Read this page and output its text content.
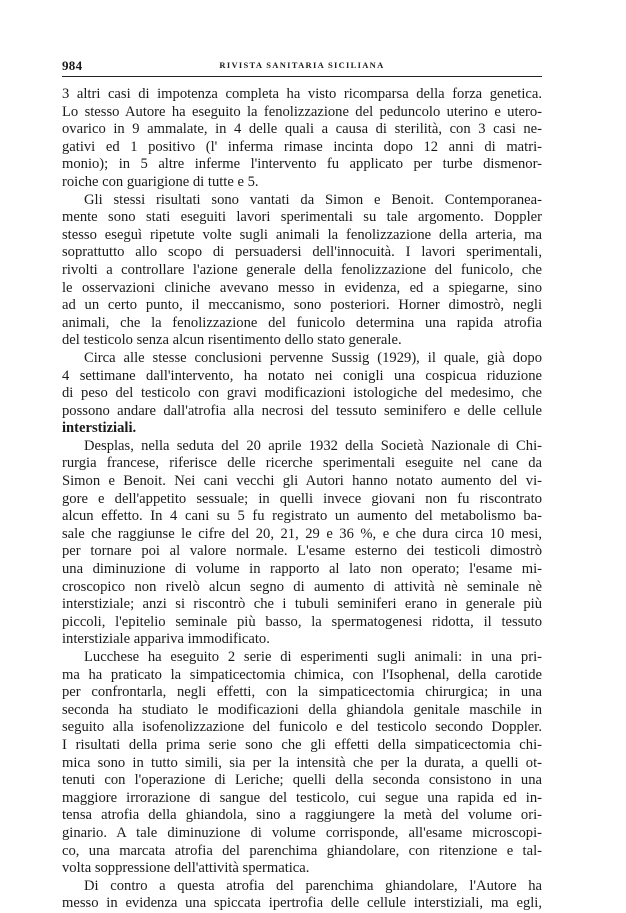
984	RIVISTA SANITARIA SICILIANA
3 altri casi di impotenza completa ha visto ricomparsa della forza genetica.
Lo stesso Autore ha eseguito la fenolizzazione del peduncolo uterino e utero-
ovarico in 9 ammalate, in 4 delle quali a causa di sterilità, con 3 casi ne-
gativi ed 1 positivo (l' inferma rimase incinta dopo 12 anni di matri-
monio); in 5 altre inferme l'intervento fu applicato per turbe dismenor-
roiche con guarigione di tutte e 5.
Gli stessi risultati sono vantati da Simon e Benoit. Contemporanea-
mente sono stati eseguiti lavori sperimentali su tale argomento. Doppler
stesso eseguì ripetute volte sugli animali la fenolizzazione della arteria, ma
soprattutto allo scopo di persuadersi dell'innocuità. I lavori sperimentali,
rivolti a controllare l'azione generale della fenolizzazione del funicolo, che
le osservazioni cliniche avevano messo in evidenza, ed a spiegarne, sino
ad un certo punto, il meccanismo, sono posteriori. Horner dimostrò, negli
animali, che la fenolizzazione del funicolo determina una rapida atrofia
del testicolo senza alcun risentimento dello stato generale.
Circa alle stesse conclusioni pervenne Sussig (1929), il quale, già dopo
4 settimane dall'intervento, ha notato nei conigli una cospicua riduzione
di peso del testicolo con gravi modificazioni istologiche del medesimo, che
possono andare dall'atrofia alla necrosi del tessuto seminifero e delle cellule
interstiziali.
Desplas, nella seduta del 20 aprile 1932 della Società Nazionale di Chi-
rurgia francese, riferisce delle ricerche sperimentali eseguite nel cane da
Simon e Benoit. Nei cani vecchi gli Autori hanno notato aumento del vi-
gore e dell'appetito sessuale; in quelli invece giovani non fu riscontrato
alcun effetto. In 4 cani su 5 fu registrato un aumento del metabolismo ba-
sale che raggiunse le cifre del 20, 21, 29 e 36 %, e che dura circa 10 mesi,
per tornare poi al valore normale. L'esame esterno dei testicoli dimostrò
una diminuzione di volume in rapporto al lato non operato; l'esame mi-
croscopico non rivelò alcun segno di aumento di attività nè seminale nè
interstiziale; anzi si riscontrò che i tubuli seminiferi erano in generale più
piccoli, l'epitelio seminale più basso, la spermatogenesi ridotta, il tessuto
interstiziale appariva immodificato.
Lucchese ha eseguito 2 serie di esperimenti sugli animali: in una pri-
ma ha praticato la simpaticectomia chimica, con l'Isophenal, della carotide
per confrontarla, negli effetti, con la simpaticectomia chirurgica; in una
seconda ha studiato le modificazioni della ghiandola genitale maschile in
seguito alla isofenolizzazione del funicolo e del testicolo secondo Doppler.
I risultati della prima serie sono che gli effetti della simpaticectomia chi-
mica sono in tutto simili, sia per la intensità che per la durata, a quelli ot-
tenuti con l'operazione di Leriche; quelli della seconda consistono in una
maggiore irrorazione di sangue del testicolo, cui segue una rapida ed in-
tensa atrofia della ghiandola, sino a raggiungere la metà del volume ori-
ginario. A tale diminuzione di volume corrisponde, all'esame microscopi-
co, una marcata atrofia del parenchima ghiandolare, con ritenzione e tal-
volta soppressione dell'attività spermatica.
Di contro a questa atrofia del parenchima ghiandolare, l'Autore ha
messo in evidenza una spiccata ipertrofia delle cellule interstiziali, ma egli,
